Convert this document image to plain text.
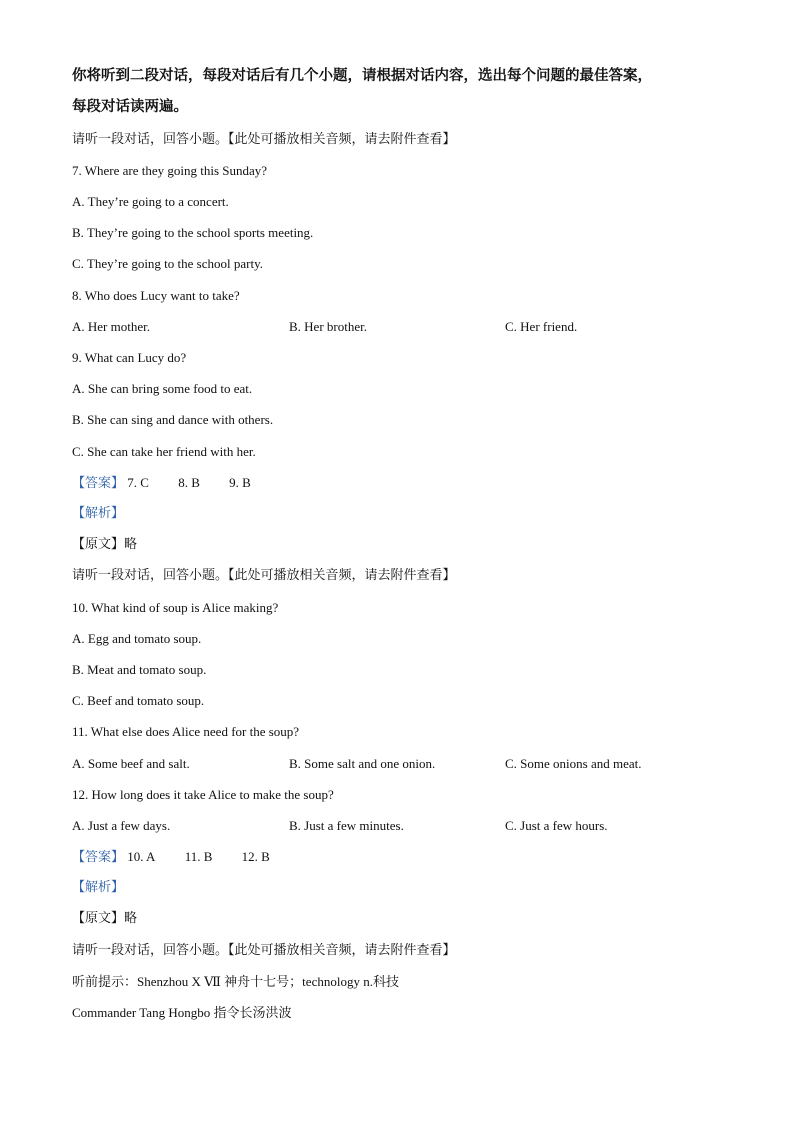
你将听到二段对话，每段对话后有几个小题，请根据对话内容，选出每个问题的最佳答案，
每段对话读两遍。
请听一段对话，回答小题。【此处可播放相关音频，请去附件查看】
7. Where are they going this Sunday?
A. They’re going to a concert.
B. They’re going to the school sports meeting.
C. They’re going to the school party.
8. Who does Lucy want to take?
A. Her mother.	B. Her brother.	C. Her friend.
9. What can Lucy do?
A. She can bring some food to eat.
B. She can sing and dance with others.
C. She can take her friend with her.
【答案】 7. C 8. B 9. B
【解析】
【原文】略
请听一段对话，回答小题。【此处可播放相关音频，请去附件查看】
10. What kind of soup is Alice making?
A. Egg and tomato soup.
B. Meat and tomato soup.
C. Beef and tomato soup.
11. What else does Alice need for the soup?
A. Some beef and salt.	B. Some salt and one onion.	C. Some onions and meat.
12. How long does it take Alice to make the soup?
A. Just a few days.	B. Just a few minutes.	C. Just a few hours.
【答案】 10. A 11. B 12. B
【解析】
【原文】略
请听一段对话，回答小题。【此处可播放相关音频，请去附件查看】
听前提示：Shenzhou X Ⅶ 神舟十七号；technology n.科技
Commander Tang Hongbo 指令长汤洪波
